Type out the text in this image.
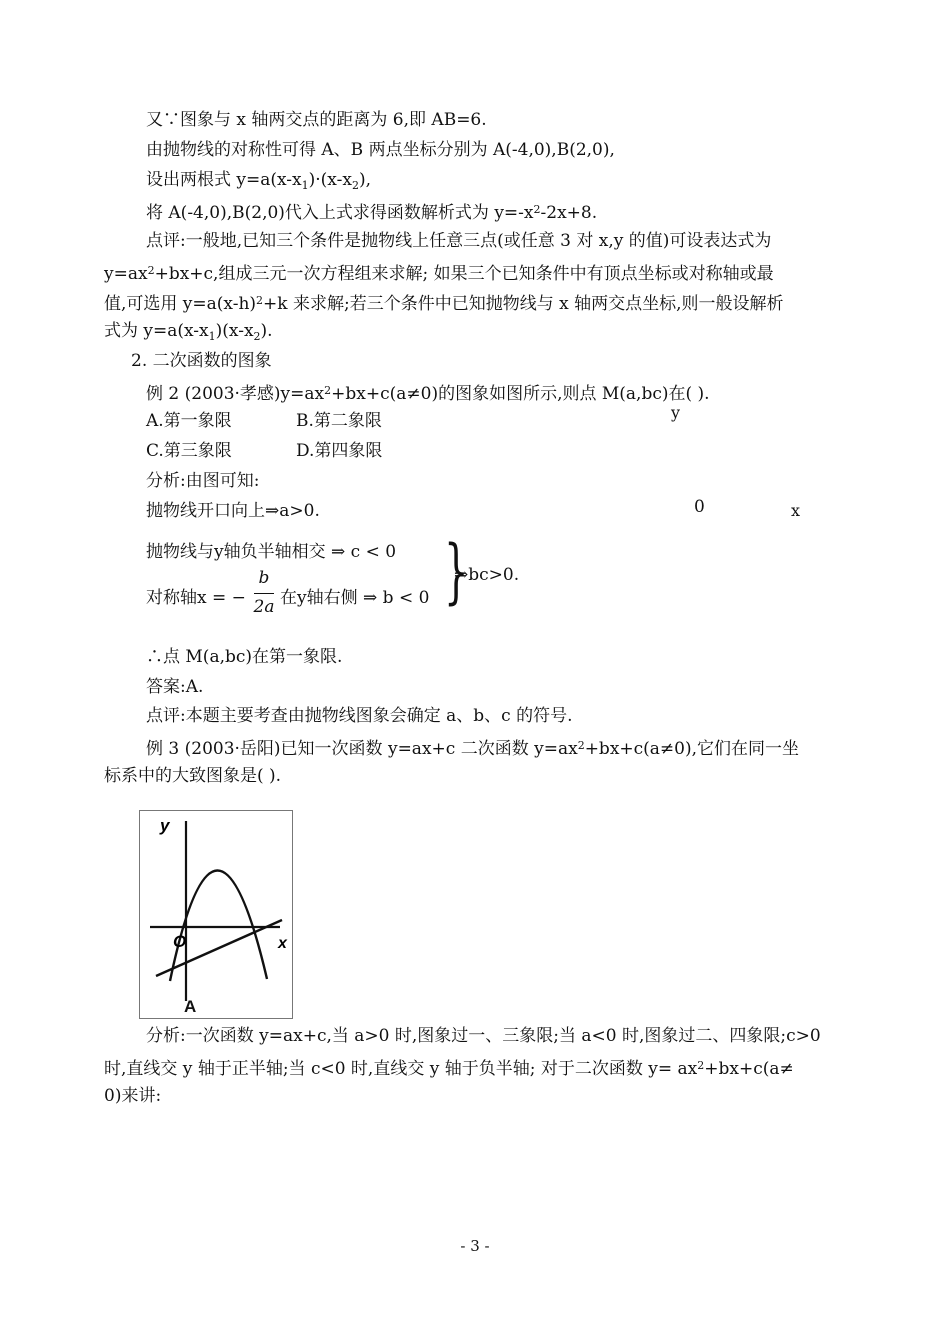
又∵图象与 x 轴两交点的距离为 6,即 AB=6.
由抛物线的对称性可得 A、B 两点坐标分别为 A(-4,0),B(2,0),
设出两根式 $y=a(x-x_1)\cdot(x-x_2)$,
将 A(-4,0),B(2,0)代入上式求得函数解析式为 $y=-x^2-2x+8$.
点评:一般地,已知三个条件是抛物线上任意三点(或任意 3 对 x,y 的值)可设表达式为
$y=ax^2+bx+c$,组成三元一次方程组来求解; 如果三个已知条件中有顶点坐标或对称轴或最
值,可选用 $y=a(x-h)^2+k$ 来求解;若三个条件中已知抛物线与 x 轴两交点坐标,则一般设解析
式为 $y=a(x-x_1)(x-x_2)$.
2. 二次函数的图象
例 2 (2003·孝感)$y=ax^2+bx+c(a\ne 0)$的图象如图所示,则点 M(a,bc)在( ).
A.第一象限	B.第二象限
C.第三象限	D.第四象限
分析:由图可知:
抛物线开口向上⇒a>0.
y
0	x
抛物线与y轴负半轴相交 ⇒ c < 0
对称轴x = −
b
2a 在y轴右侧 ⇒ b < 0 }
⇒bc>0.
∴点 M(a,bc)在第一象限.
答案:A.
点评:本题主要考查由抛物线图象会确定 a、b、c 的符号.
例 3 (2003·岳阳)已知一次函数 y=ax+c 二次函数 $y=ax^2+bx+c(a\ne 0)$,它们在同一坐
标系中的大致图象是( ).
y
O	x
A
分析:一次函数 y=ax+c,当 a>0 时,图象过一、三象限;当 a<0 时,图象过二、四象限;c>0
时,直线交 y 轴于正半轴;当 c<0 时,直线交 y 轴于负半轴; 对于二次函数 $y= ax^2+bx+c(a\ne$
0)来讲:
- 3 -
